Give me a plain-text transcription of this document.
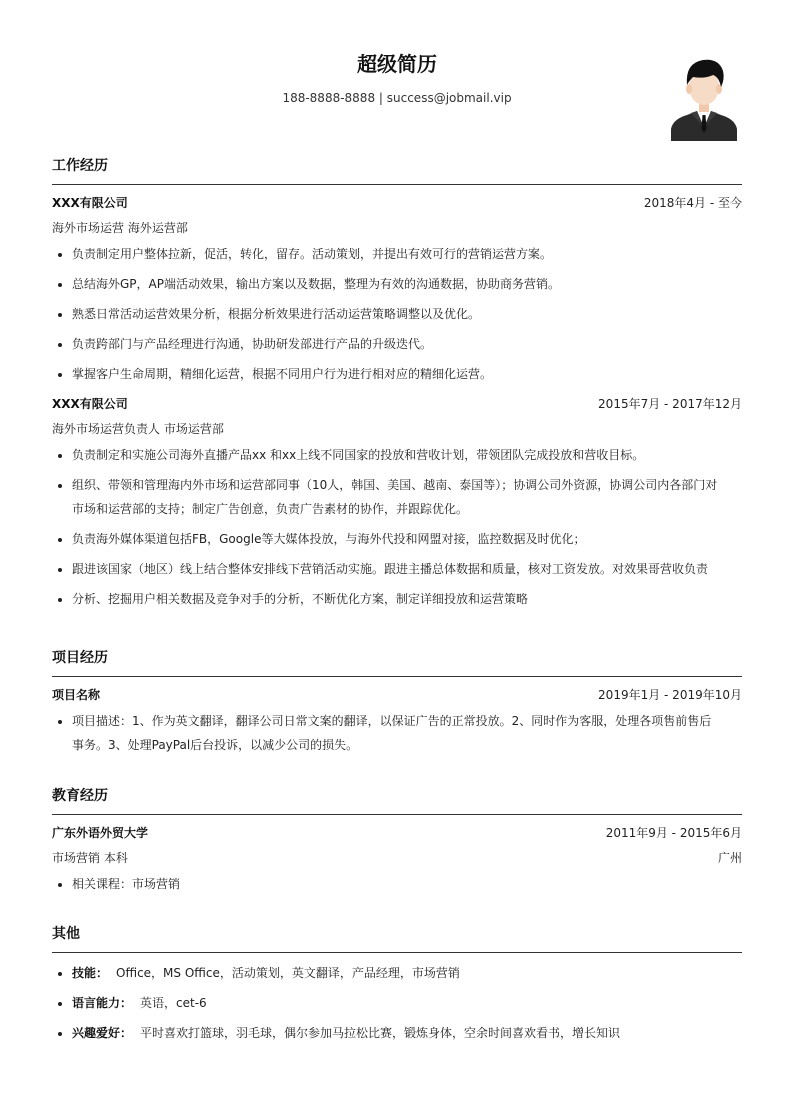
超级简历
188-8888-8888 | success@jobmail.vip
工作经历
XXX有限公司	2018年4月 - 至今
海外市场运营 海外运营部
• 负责制定用户整体拉新，促活，转化，留存。活动策划，并提出有效可行的营销运营方案。
• 总结海外GP，AP端活动效果，输出方案以及数据，整理为有效的沟通数据，协助商务营销。
• 熟悉日常活动运营效果分析，根据分析效果进行活动运营策略调整以及优化。
• 负责跨部门与产品经理进行沟通，协助研发部进行产品的升级迭代。
• 掌握客户生命周期，精细化运营，根据不同用户行为进行相对应的精细化运营。
XXX有限公司	2015年7月 - 2017年12月
海外市场运营负责人 市场运营部
• 负责制定和实施公司海外直播产品xx 和xx上线不同国家的投放和营收计划，带领团队完成投放和营收目标。
• 组织、带领和管理海内外市场和运营部同事（10人，韩国、美国、越南、泰国等）；协调公司外资源，协调公司内各部门对市场和运营部的支持；制定广告创意，负责广告素材的协作，并跟踪优化。
• 负责海外媒体渠道包括FB，Google等大媒体投放，与海外代投和网盟对接，监控数据及时优化；
• 跟进该国家（地区）线上结合整体安排线下营销活动实施。跟进主播总体数据和质量，核对工资发放。对效果哥营收负责
• 分析、挖掘用户相关数据及竞争对手的分析，不断优化方案，制定详细投放和运营策略
项目经历
项目名称	2019年1月 - 2019年10月
• 项目描述：1、作为英文翻译，翻译公司日常文案的翻译，以保证广告的正常投放。2、同时作为客服，处理各项售前售后事务。3、处理PayPal后台投诉，以减少公司的损失。
教育经历
广东外语外贸大学	2011年9月 - 2015年6月
市场营销 本科	广州
• 相关课程：市场营销
其他
• 技能： Office，MS Office，活动策划，英文翻译，产品经理，市场营销
• 语言能力： 英语，cet-6
• 兴趣爱好： 平时喜欢打篮球，羽毛球，偶尔参加马拉松比赛，锻炼身体，空余时间喜欢看书，增长知识
